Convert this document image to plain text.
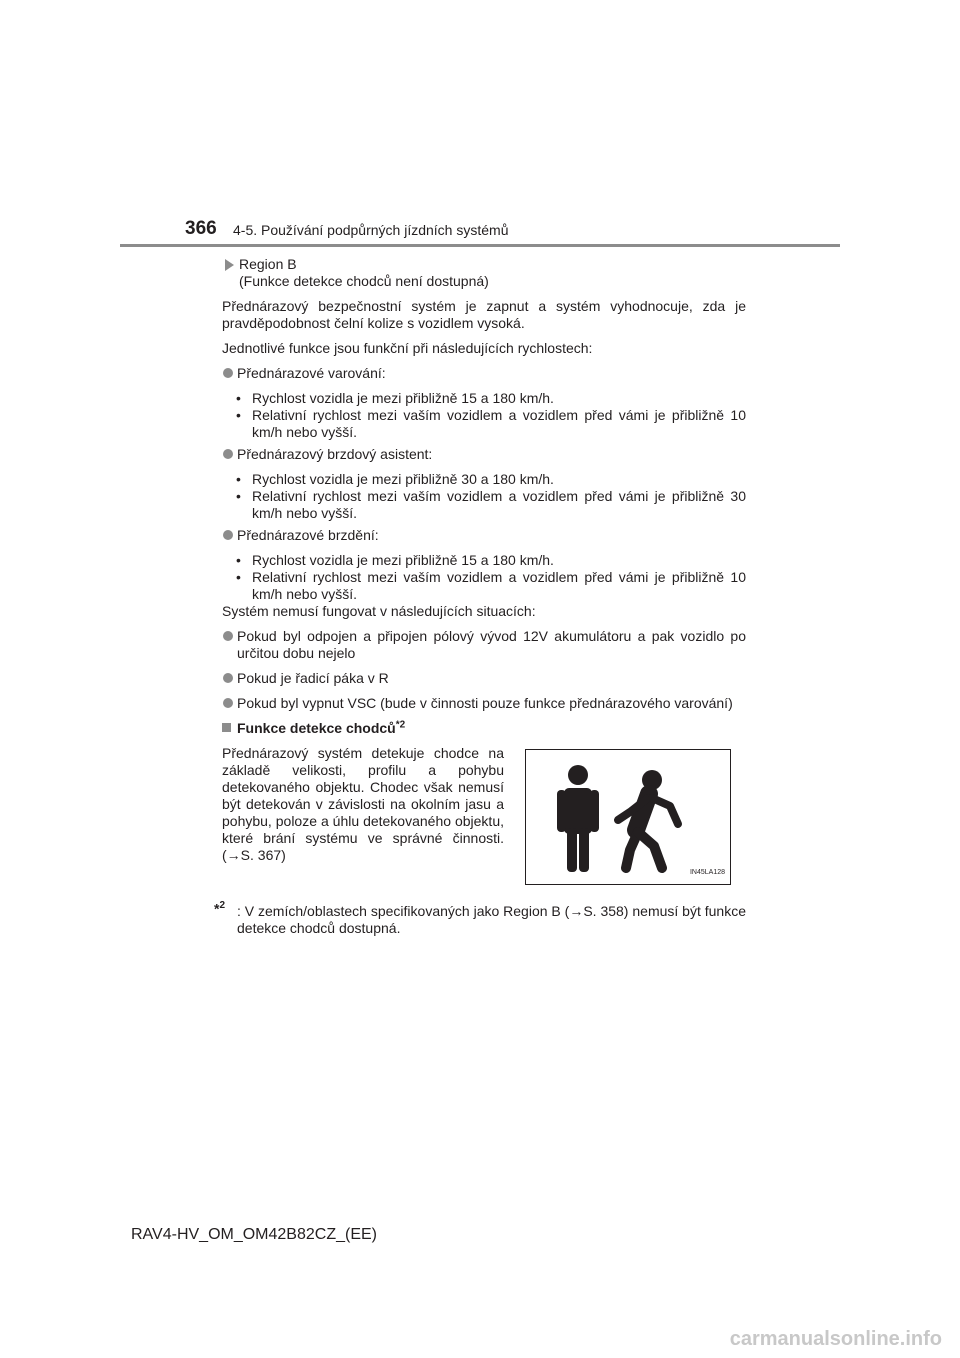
366 4-5. Používání podpůrných jízdních systémů
Region B
(Funkce detekce chodců není dostupná)

Přednárazový bezpečnostní systém je zapnut a systém vyhodnocuje, zda je pravděpodobnost čelní kolize s vozidlem vysoká.

Jednotlivé funkce jsou funkční při následujících rychlostech:

Přednárazové varování:
• Rychlost vozidla je mezi přibližně 15 a 180 km/h.
• Relativní rychlost mezi vaším vozidlem a vozidlem před vámi je přibližně 10 km/h nebo vyšší.
Přednárazový brzdový asistent:
• Rychlost vozidla je mezi přibližně 30 a 180 km/h.
• Relativní rychlost mezi vaším vozidlem a vozidlem před vámi je přibližně 30 km/h nebo vyšší.
Přednárazové brzdění:
• Rychlost vozidla je mezi přibližně 15 a 180 km/h.
• Relativní rychlost mezi vaším vozidlem a vozidlem před vámi je přibližně 10 km/h nebo vyšší.

Systém nemusí fungovat v následujících situacích:

Pokud byl odpojen a připojen pólový vývod 12V akumulátoru a pak vozidlo po určitou dobu nejelo
Pokud je řadicí páka v R
Pokud byl vypnut VSC (bude v činnosti pouze funkce přednárazového varování)
Funkce detekce chodců$^{*2}$
Přednárazový systém detekuje chodce na základě velikosti, profilu a pohybu detekovaného objektu. Chodec však nemusí být detekován v závislosti na okolním jasu a pohybu, poloze a úhlu detekovaného objektu, které brání systému ve správné činnosti. (→S. 367)
IN45LA128
*$^2$ : V zemích/oblastech specifikovaných jako Region B (→S. 358) nemusí být funkce detekce chodců dostupná.
RAV4-HV_OM_OM42B82CZ_(EE)
carmanualsonline.info
